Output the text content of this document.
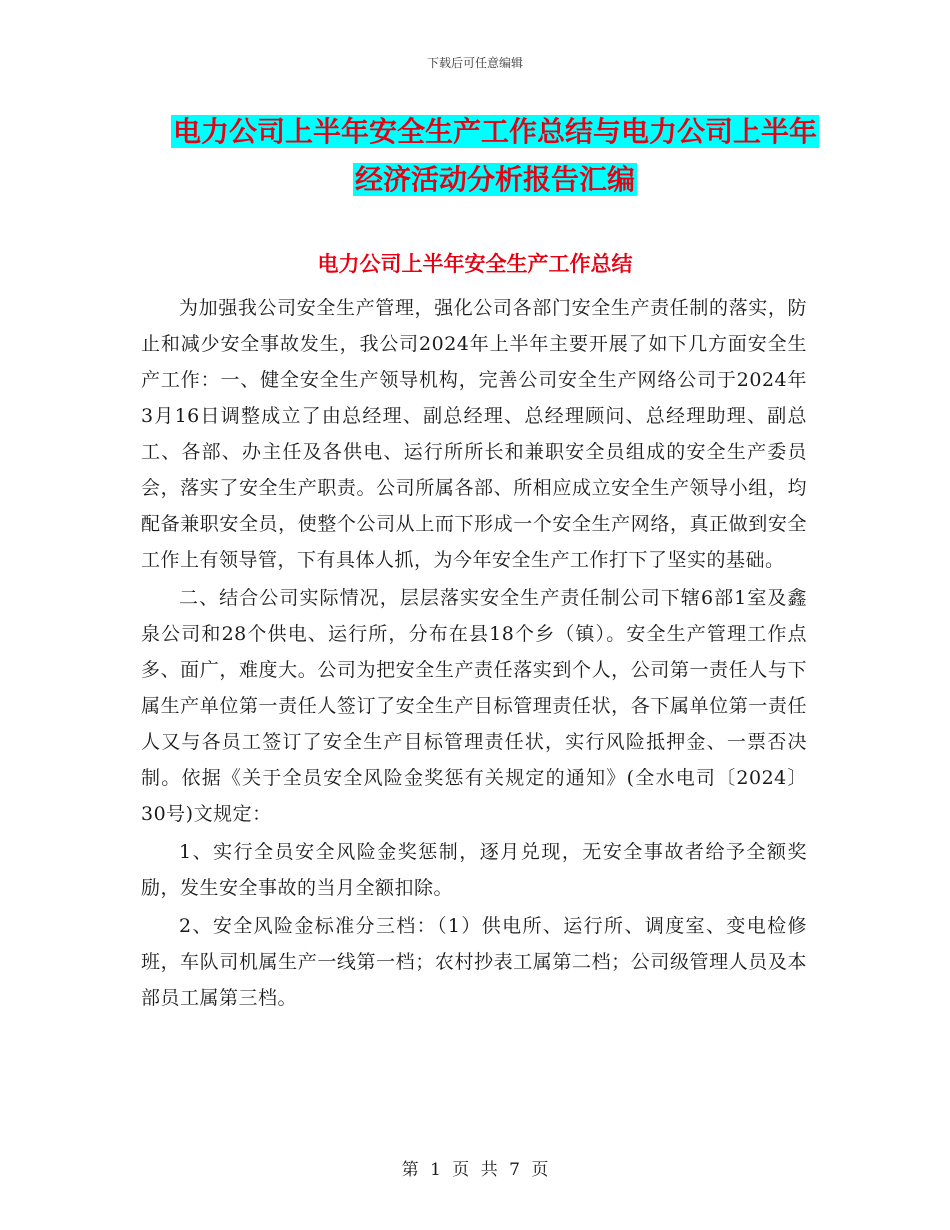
下载后可任意编辑
电力公司上半年安全生产工作总结与电力公司上半年
经济活动分析报告汇编
电力公司上半年安全生产工作总结

为加强我公司安全生产管理，强化公司各部门安全生产责任制的落实，防止和减少安全事故发生，我公司2024年上半年主要开展了如下几方面安全生产工作：一、健全安全生产领导机构，完善公司安全生产网络公司于2024年3月16日调整成立了由总经理、副总经理、总经理顾问、总经理助理、副总工、各部、办主任及各供电、运行所所长和兼职安全员组成的安全生产委员会，落实了安全生产职责。公司所属各部、所相应成立安全生产领导小组，均配备兼职安全员，使整个公司从上而下形成一个安全生产网络，真正做到安全工作上有领导管，下有具体人抓，为今年安全生产工作打下了坚实的基础。

二、结合公司实际情况，层层落实安全生产责任制公司下辖6部1室及鑫泉公司和28个供电、运行所，分布在县18个乡（镇）。安全生产管理工作点多、面广，难度大。公司为把安全生产责任落实到个人，公司第一责任人与下属生产单位第一责任人签订了安全生产目标管理责任状，各下属单位第一责任人又与各员工签订了安全生产目标管理责任状，实行风险抵押金、一票否决制。依据《关于全员安全风险金奖惩有关规定的通知》(全水电司〔2024〕30号)文规定：

1、实行全员安全风险金奖惩制，逐月兑现，无安全事故者给予全额奖励，发生安全事故的当月全额扣除。

2、安全风险金标准分三档：（1）供电所、运行所、调度室、变电检修班，车队司机属生产一线第一档；农村抄表工属第二档；公司级管理人员及本部员工属第三档。

第 1 页 共 7 页
